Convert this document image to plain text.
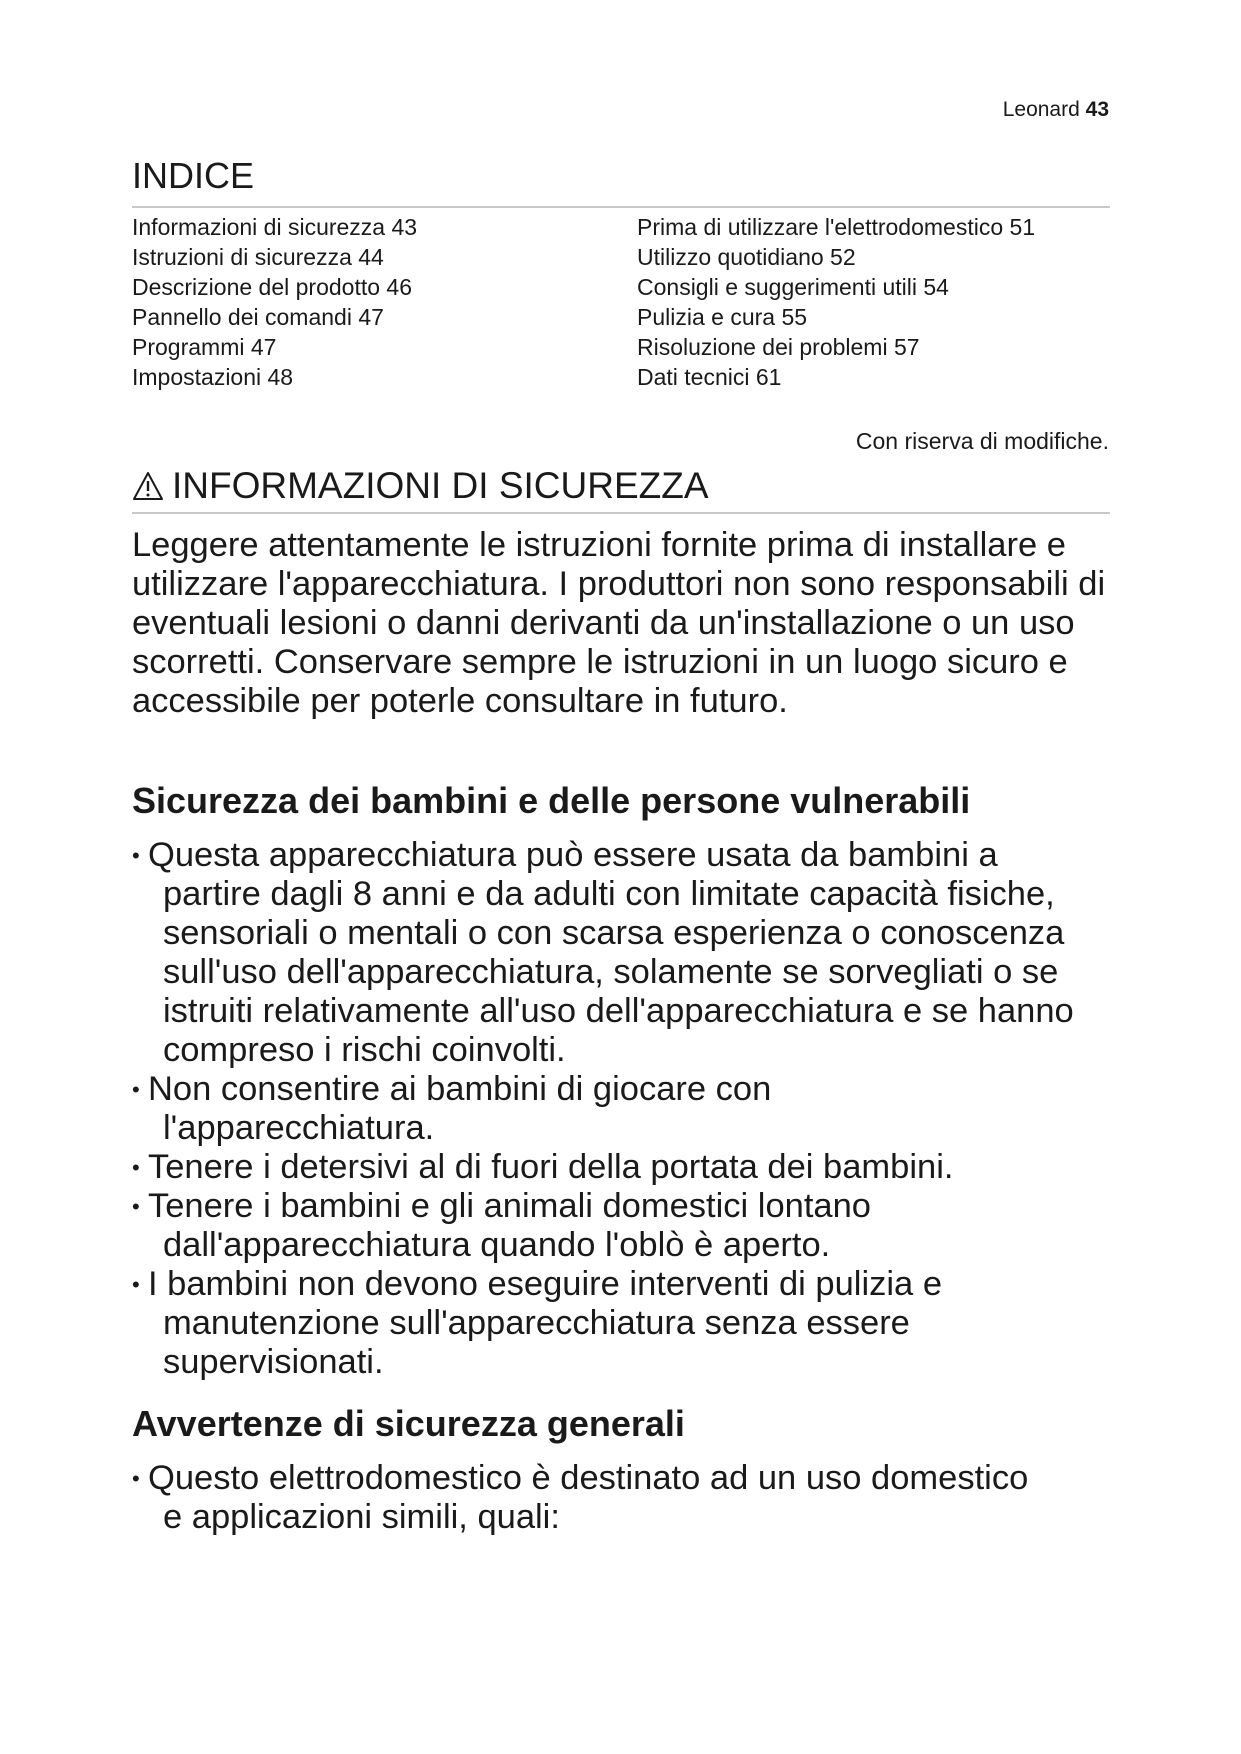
Leonard 43
INDICE
Informazioni di sicurezza 43
Istruzioni di sicurezza 44
Descrizione del prodotto 46
Pannello dei comandi 47
Programmi 47
Impostazioni 48
Prima di utilizzare l'elettrodomestico 51
Utilizzo quotidiano 52
Consigli e suggerimenti utili 54
Pulizia e cura 55
Risoluzione dei problemi 57
Dati tecnici 61
Con riserva di modifiche.
INFORMAZIONI DI SICUREZZA

Leggere attentamente le istruzioni fornite prima di installare e utilizzare l'apparecchiatura. I produttori non sono responsabili di eventuali lesioni o danni derivanti da un'installazione o un uso scorretti. Conservare sempre le istruzioni in un luogo sicuro e accessibile per poterle consultare in futuro.

Sicurezza dei bambini e delle persone vulnerabili
• Questa apparecchiatura può essere usata da bambini a
partire dagli 8 anni e da adulti con limitate capacità fisiche, sensoriali o mentali o con scarsa esperienza o conoscenza sull'uso dell'apparecchiatura, solamente se sorvegliati o se istruiti relativamente all'uso dell'apparecchiatura e se hanno compreso i rischi coinvolti.
• Non consentire ai bambini di giocare con
l'apparecchiatura.
• Tenere i detersivi al di fuori della portata dei bambini.
• Tenere i bambini e gli animali domestici lontano
dall'apparecchiatura quando l'oblò è aperto.
• I bambini non devono eseguire interventi di pulizia e
manutenzione sull'apparecchiatura senza essere supervisionati.
Avvertenze di sicurezza generali
• Questo elettrodomestico è destinato ad un uso domestico
e applicazioni simili, quali:
